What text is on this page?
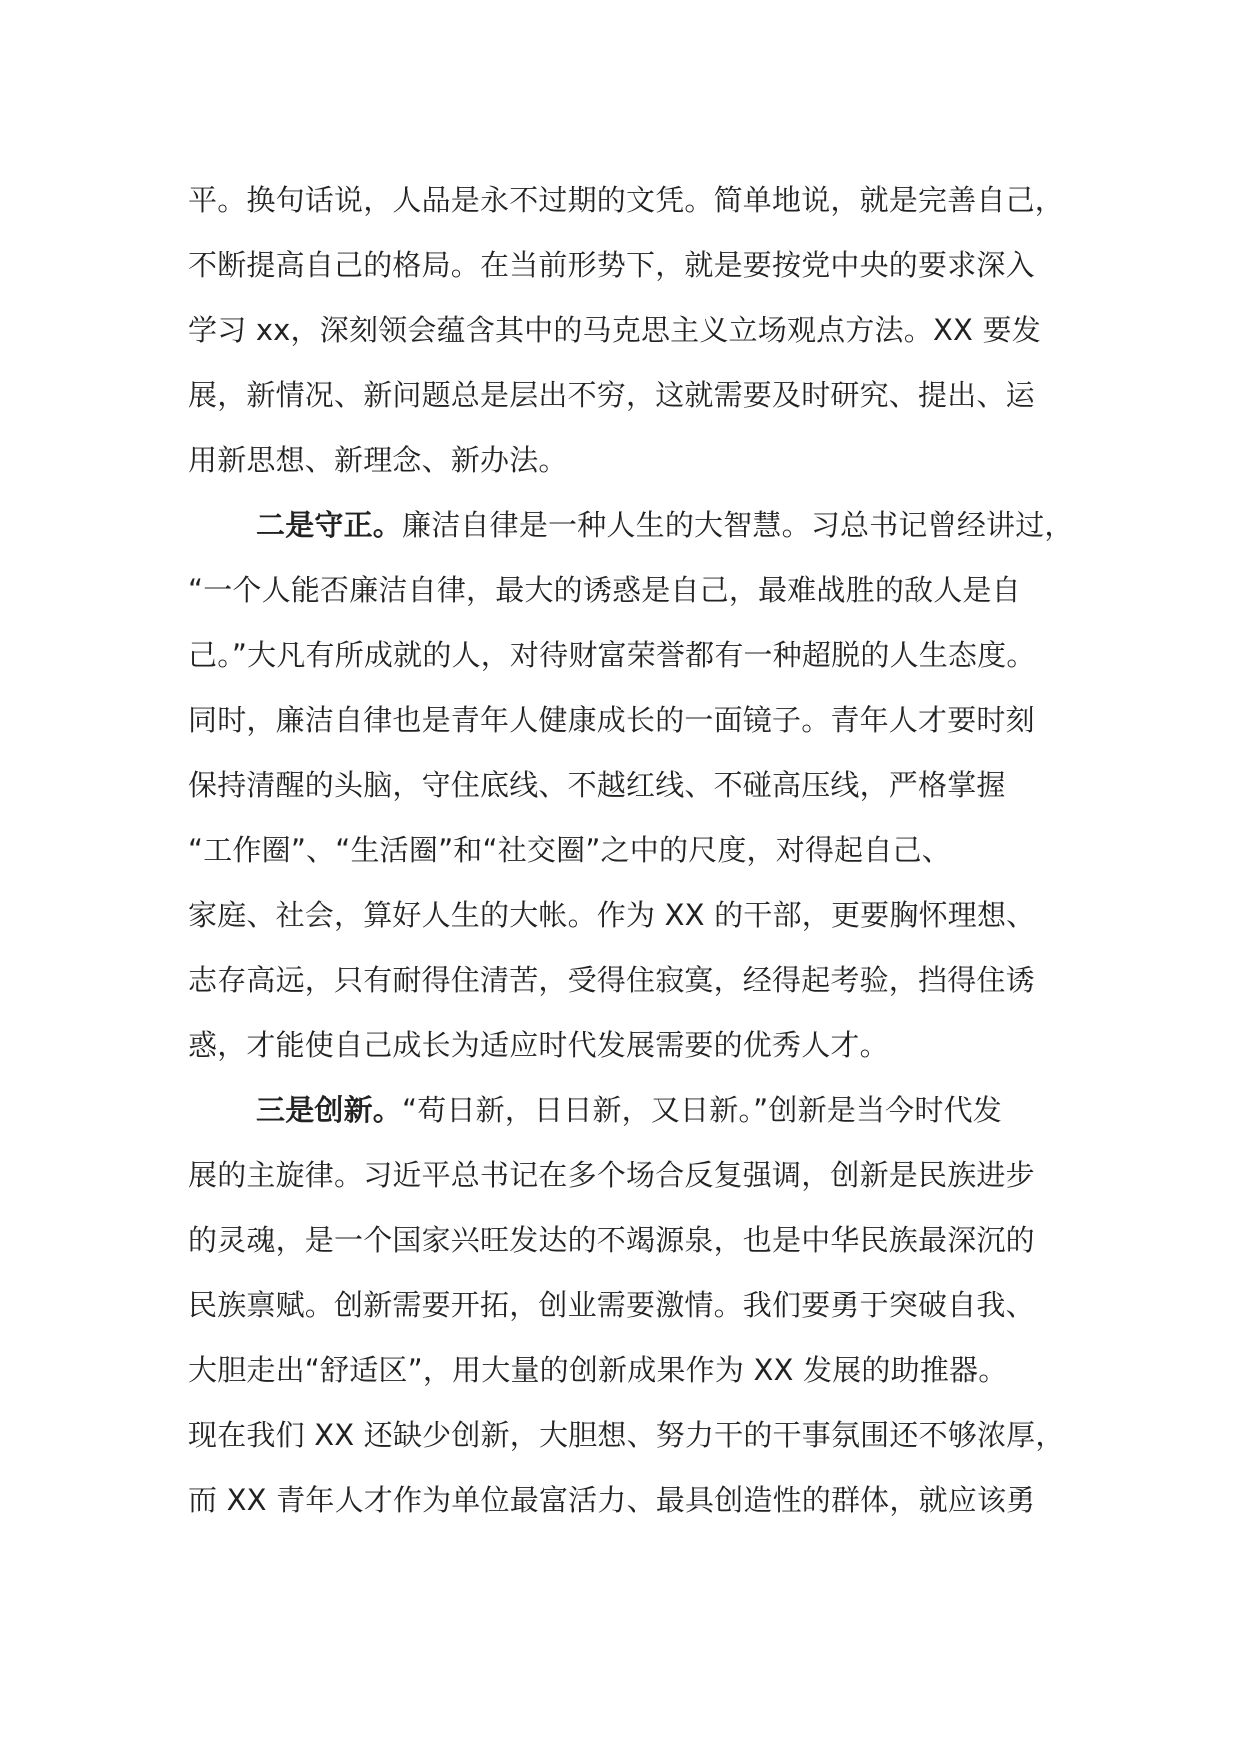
平。换句话说，人品是永不过期的文凭。简单地说，就是完善自己，
不断提高自己的格局。在当前形势下，就是要按党中央的要求深入
学习 xx，深刻领会蕴含其中的马克思主义立场观点方法。XX 要发
展，新情况、新问题总是层出不穷，这就需要及时研究、提出、运
用新思想、新理念、新办法。
二是守正。廉洁自律是一种人生的大智慧。习总书记曾经讲过，
“一个人能否廉洁自律，最大的诱惑是自己，最难战胜的敌人是自
己。”大凡有所成就的人，对待财富荣誉都有一种超脱的人生态度。
同时，廉洁自律也是青年人健康成长的一面镜子。青年人才要时刻
保持清醒的头脑，守住底线、不越红线、不碰高压线，严格掌握
“工作圈”、“生活圈”和“社交圈”之中的尺度，对得起自己、
家庭、社会，算好人生的大帐。作为 XX 的干部，更要胸怀理想、
志存高远，只有耐得住清苦，受得住寂寞，经得起考验，挡得住诱
惑，才能使自己成长为适应时代发展需要的优秀人才。
三是创新。“苟日新，日日新，又日新。”创新是当今时代发
展的主旋律。习近平总书记在多个场合反复强调，创新是民族进步
的灵魂，是一个国家兴旺发达的不竭源泉，也是中华民族最深沉的
民族禀赋。创新需要开拓，创业需要激情。我们要勇于突破自我、
大胆走出“舒适区”，用大量的创新成果作为 XX 发展的助推器。
现在我们 XX 还缺少创新，大胆想、努力干的干事氛围还不够浓厚，
而 XX 青年人才作为单位最富活力、最具创造性的群体，就应该勇
